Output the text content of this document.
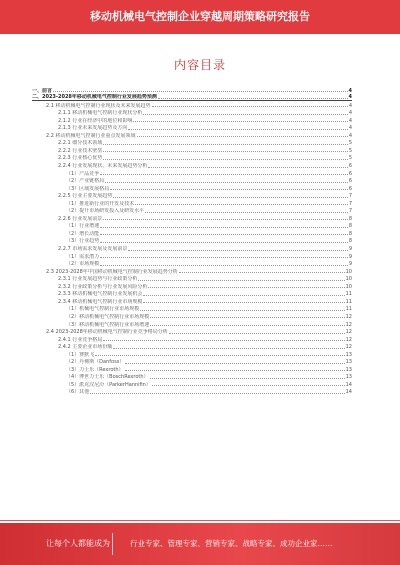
移动机械电气控制企业穿越周期策略研究报告
内容目录
一、前言	4
二、2023-2028年移动机械电气控制行业发展趋势预测	4
2.1 移动机械电气控制行业现状及未来发展趋势	4
2.1.1 移动机械电气控制行业现状分析	4
2.1.2 行业在经济中的地位和影响	4
2.1.3 行业未来发展趋势及方向	4
2.2 移动机械电气控制行业重点发展领域	4
2.2.1 细分技术领域	5
2.2.2 行业技术壁垒	5
2.2.3 行业核心优势	5
2.2.4 行业发展现状、未来发展趋势分析	6
（1）产品竞争	6
（2）产业链格局	6
（3）区域发展格局	6
2.2.5 行业主要发展趋势	7
（1）推进新行业的开发及技术	7
（2）提升市场研发投入及研发水平	7
2.2.6 行业发展前景	8
（1）行业增速	8
（2）增长动能	8
（3）行业趋势	8
2.2.7 市场需求发展及发展前景	9
（1）需求潜力	9
（2）市场规模	9
2.3 2023-2028年中国移动机械电气控制行业发展趋势分析	10
2.3.1 行业发展趋势与行业政策分析	10
2.3.2 行业政策分析与行业发展风险分析	10
2.3.3 移动机械电气控制行业发展机会	11
2.3.4 移动机械电气控制行业市场规模	11
（1）机械电气控制行业市场规模	11
（2）移动机械电气控制行业市场规模	12
（3）移动机械电气控制行业市场增速	12
2.4 2023-2028年移动机械电气控制行业竞争格局分析	12
2.4.1 行业竞争格局	12
2.4.2 主要企业市场份额	12
（1）赛默飞	13
（2）丹佛斯（Danfoss）	13
（3）力士乐（Rexroth）	13
（4）博世力士乐（BoschRexroth）	13
（5）派克汉尼汾（ParkerHannifin）	14
（6）其他	14
让每个人都能成为	行业专家、管理专家、营销专家、战略专家、成功企业家……
